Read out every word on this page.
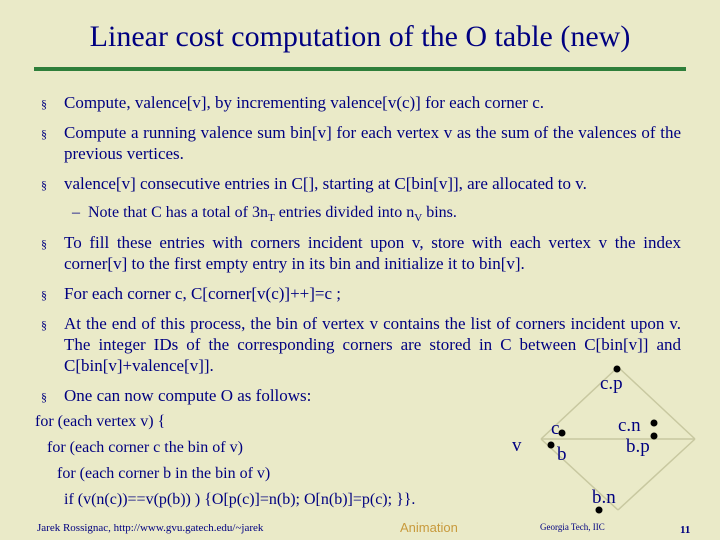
Linear cost computation of the O table (new)
§	Compute, valence[v], by incrementing valence[v(c)] for each corner c.
§	Compute a running valence sum bin[v] for each vertex v as the sum of the valences of the previous vertices.
§	valence[v] consecutive entries in C[], starting at C[bin[v]], are allocated to v.
– Note that C has a total of $3n_T$ entries divided into $n_V$ bins.
§	To fill these entries with corners incident upon v, store with each vertex v the index corner[v] to the first empty entry in its bin and initialize it to bin[v].
§	For each corner c, C[corner[v(c)]++]=c ;
§	At the end of this process, the bin of vertex v contains the list of corners incident upon v. The integer IDs of the corresponding corners are stored in C between C[bin[v]] and C[bin[v]+valence[v]].
§	One can now compute O as follows:
for (each vertex v) {
for (each corner c the bin of v)
for (each corner b in the bin of v)
if (v(n(c))==v(p(b)) ) {O[p(c)]=n(b); O[n(b)]=p(c); }}.
v
c
b
c.p
c.n
b.p
b.n
Jarek Rossignac, http://www.gvu.gatech.edu/~jarek	Animation	Georgia Tech, IIC	11
